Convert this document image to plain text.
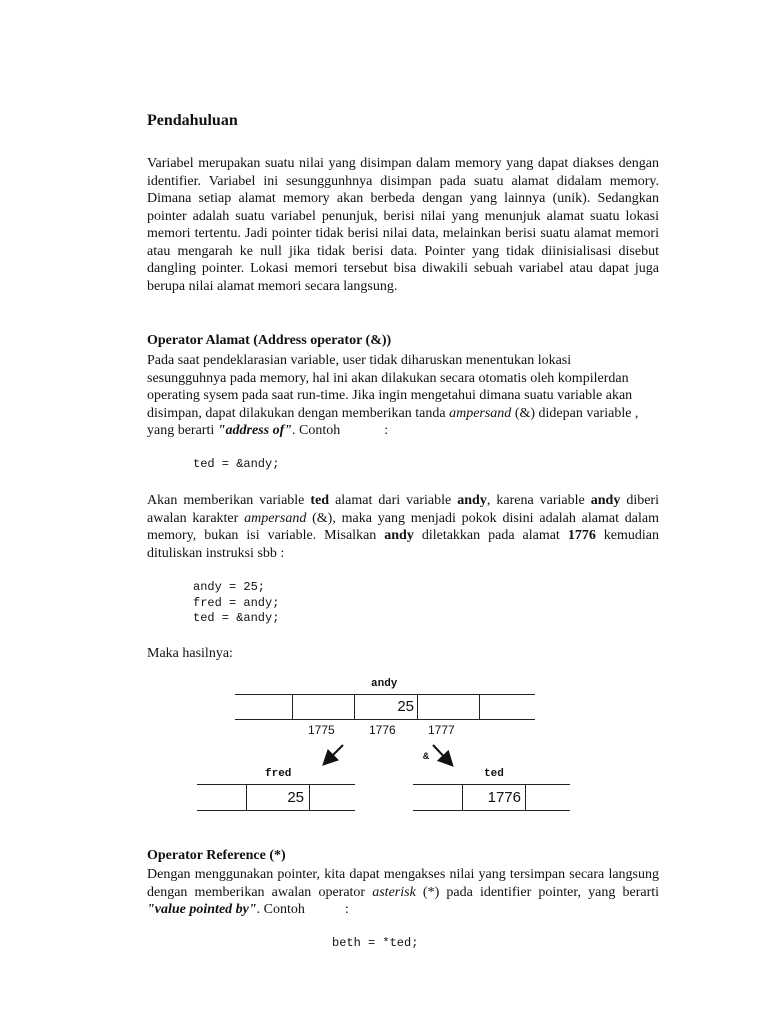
Pendahuluan
Variabel merupakan suatu nilai yang disimpan dalam memory yang dapat diakses dengan identifier. Variabel ini sesunggunhnya disimpan pada suatu alamat didalam memory. Dimana setiap alamat memory akan berbeda dengan yang lainnya (unik). Sedangkan pointer adalah suatu variabel penunjuk, berisi nilai yang menunjuk alamat suatu lokasi memori tertentu. Jadi pointer tidak berisi nilai data, melainkan berisi suatu alamat memori atau mengarah ke null jika tidak berisi data. Pointer yang tidak diinisialisasi disebut dangling pointer. Lokasi memori tersebut bisa diwakili sebuah variabel atau dapat juga berupa nilai alamat memori secara langsung.
Operator Alamat (Address operator (&))
Pada saat pendeklarasian variable, user tidak diharuskan menentukan lokasi sesungguhnya pada memory, hal ini akan dilakukan secara otomatis oleh kompilerdan operating sysem pada saat run-time. Jika ingin mengetahui dimana suatu variable akan disimpan, dapat dilakukan dengan memberikan tanda ampersand (&) didepan variable , yang berarti "address of". Contoh	:
ted = &andy;
Akan memberikan variable ted alamat dari variable andy, karena variable andy diberi awalan karakter ampersand (&), maka yang menjadi pokok disini adalah alamat dalam memory, bukan isi variable. Misalkan andy diletakkan pada alamat 1776 kemudian dituliskan instruksi sbb :
andy = 25;
fred = andy;
ted = &andy;
Maka hasilnya:
andy
25
1775	1776	1777
&
fred	ted
25	1776
Operator Reference (*)
Dengan menggunakan pointer, kita dapat mengakses nilai yang tersimpan secara langsung dengan memberikan awalan operator asterisk (*) pada identifier pointer, yang berarti "value pointed by". Contoh	:
beth = *ted;
